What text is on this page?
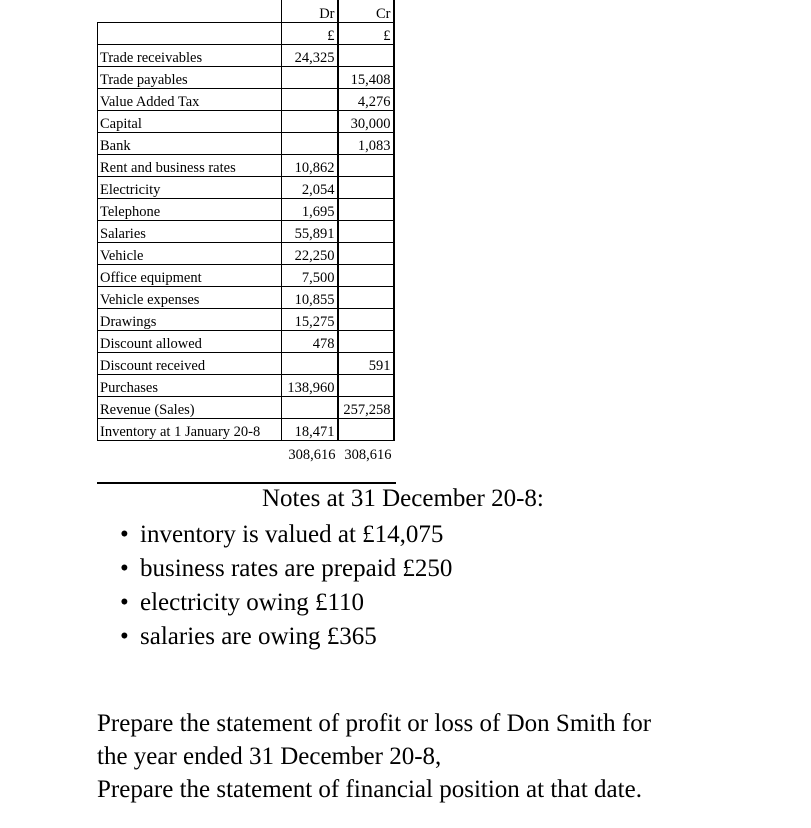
	Dr	Cr
	£	£
Trade receivables	24,325	
Trade payables		15,408
Value Added Tax		4,276
Capital		30,000
Bank		1,083
Rent and business rates	10,862	
Electricity	2,054	
Telephone	1,695	
Salaries	55,891	
Vehicle	22,250	
Office equipment	7,500	
Vehicle expenses	10,855	
Drawings	15,275	
Discount allowed	478	
Discount received		591
Purchases	138,960	
Revenue (Sales)		257,258
Inventory at 1 January 20-8	18,471	
	308,616	308,616
Notes at 31 December 20-8:
• inventory is valued at £14,075
• business rates are prepaid £250
• electricity owing £110
• salaries are owing £365
Prepare the statement of profit or loss of Don Smith for
the year ended 31 December 20-8,
Prepare the statement of financial position at that date.
